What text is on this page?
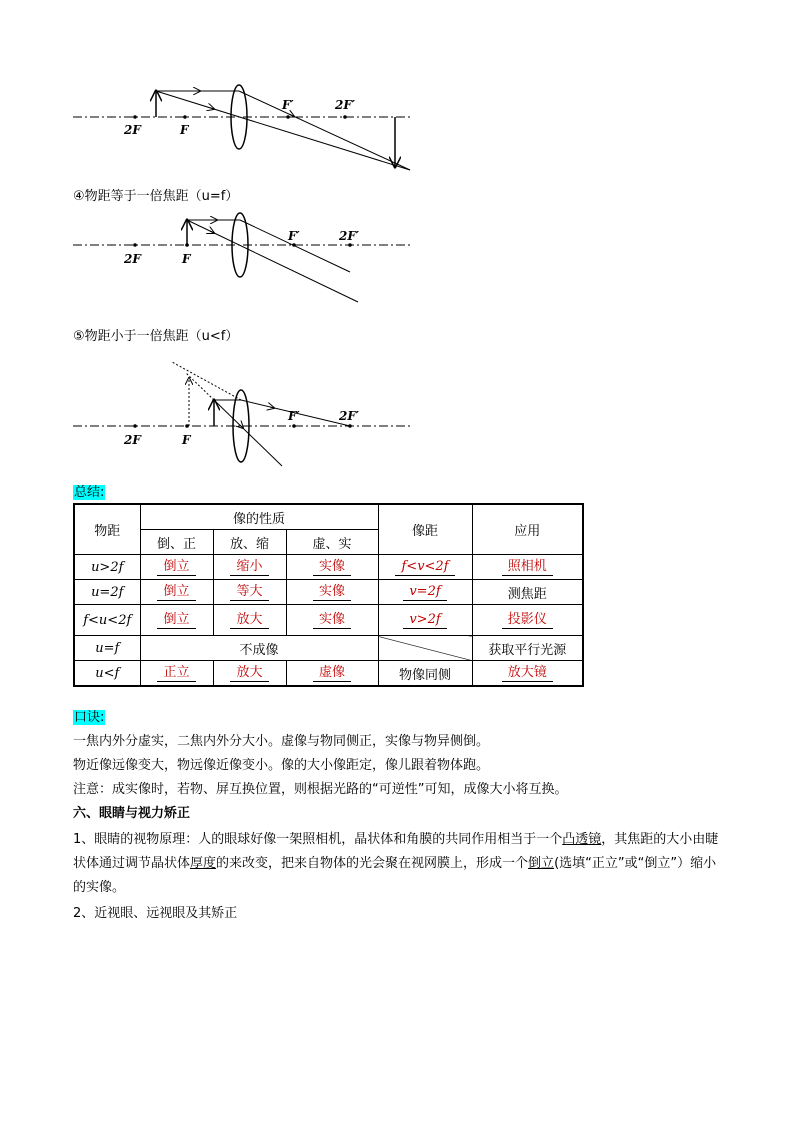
2F	F
F′	2F′
④物距等于一倍焦距（u=f）
2F	F
F′	2F′
⑤物距小于一倍焦距（u<f）
2F	F
F′	2F′
总结:
物距	像的性质			像距	应用
	倒、正	放、缩	虚、实		
u>2f	倒立	缩小	实像	f<v<2f	照相机
u=2f	倒立	等大	实像	v=2f	测焦距
f<u<2f	倒立	放大	实像	v>2f	投影仪
u=f	不成像				获取平行光源
u<f	正立	放大	虚像	物像同侧	放大镜
口诀:

一焦内外分虚实，二焦内外分大小。虚像与物同侧正，实像与物异侧倒。

物近像远像变大，物远像近像变小。像的大小像距定，像儿跟着物体跑。

注意：成实像时，若物、屏互换位置，则根据光路的“可逆性”可知，成像大小将互换。

六、眼睛与视力矫正

1、眼睛的视物原理：人的眼球好像一架照相机，晶状体和角膜的共同作用相当于一个凸透镜，其焦距的大小由睫状体通过调节晶状体厚度的来改变，把来自物体的光会聚在视网膜上，形成一个倒立(选填“正立”或“倒立”）缩小的实像。

2、近视眼、远视眼及其矫正
